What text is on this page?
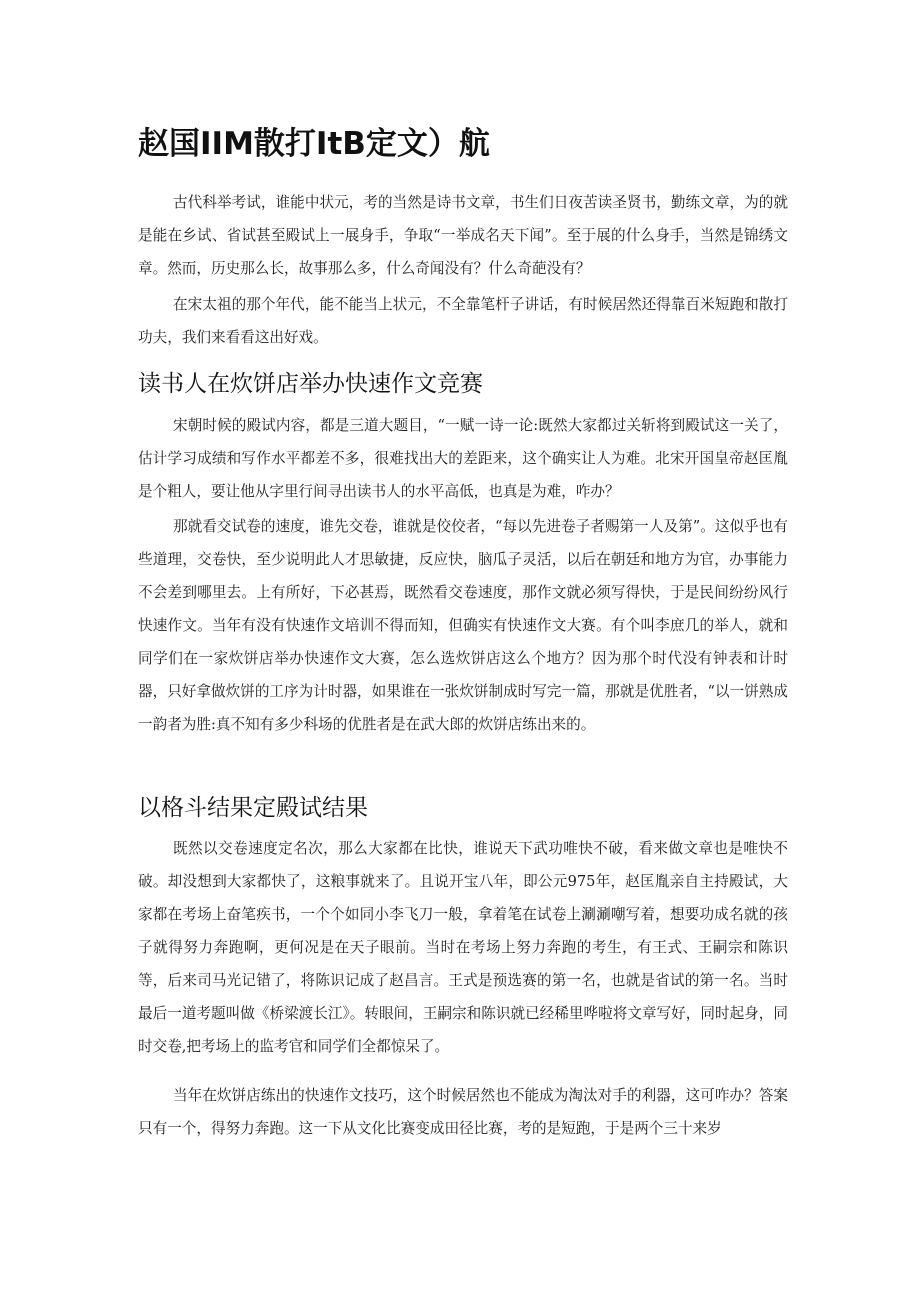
赵国IIM散打ItB定文）航

古代科举考试，谁能中状元，考的当然是诗书文章，书生们日夜苦读圣贤书，勤练文章，为的就是能在乡试、省试甚至殿试上一展身手，争取“一举成名天下闻”。至于展的什么身手，当然是锦绣文章。然而，历史那么长，故事那么多，什么奇闻没有？什么奇葩没有？

在宋太祖的那个年代，能不能当上状元，不全靠笔杆子讲话，有时候居然还得靠百米短跑和散打功夫，我们来看看这出好戏。

读书人在炊饼店举办快速作文竞赛

宋朝时候的殿试内容，都是三道大题目，“一赋一诗一论:既然大家都过关斩将到殿试这一关了，估计学习成绩和写作水平都差不多，很难找出大的差距来，这个确实让人为难。北宋开国皇帝赵匡胤是个粗人，要让他从字里行间寻出读书人的水平高低，也真是为难，咋办？

那就看交试卷的速度，谁先交卷，谁就是佼佼者，“每以先进卷子者赐第一人及第”。这似乎也有些道理，交卷快，至少说明此人才思敏捷，反应快，脑瓜子灵活，以后在朝廷和地方为官，办事能力不会差到哪里去。上有所好，下必甚焉，既然看交卷速度，那作文就必须写得快，于是民间纷纷风行快速作文。当年有没有快速作文培训不得而知，但确实有快速作文大赛。有个叫李庶几的举人，就和同学们在一家炊饼店举办快速作文大赛，怎么选炊饼店这么个地方？因为那个时代没有钟表和计时器，只好拿做炊饼的工序为计时器，如果谁在一张炊饼制成时写完一篇，那就是优胜者，“以一饼熟成一韵者为胜:真不知有多少科场的优胜者是在武大郎的炊饼店练出来的。

以格斗结果定殿试结果

既然以交卷速度定名次，那么大家都在比快，谁说天下武功唯快不破，看来做文章也是唯快不破。却没想到大家都快了，这粮事就来了。且说开宝八年，即公元975年，赵匡胤亲自主持殿试，大家都在考场上奋笔疾书，一个个如同小李飞刀一般，拿着笔在试卷上涮涮嘲写着，想要功成名就的孩子就得努力奔跑啊，更何况是在天子眼前。当时在考场上努力奔跑的考生，有王式、王嗣宗和陈识等，后来司马光记错了，将陈识记成了赵昌言。王式是预选赛的第一名，也就是省试的第一名。当时最后一道考题叫做《桥梁渡长江》。转眼间，王嗣宗和陈识就已经稀里哗啦将文章写好，同时起身，同时交卷,把考场上的监考官和同学们全都惊呆了。

当年在炊饼店练出的快速作文技巧，这个时候居然也不能成为淘汰对手的利器，这可咋办？答案只有一个，得努力奔跑。这一下从文化比赛变成田径比赛，考的是短跑，于是两个三十来岁
